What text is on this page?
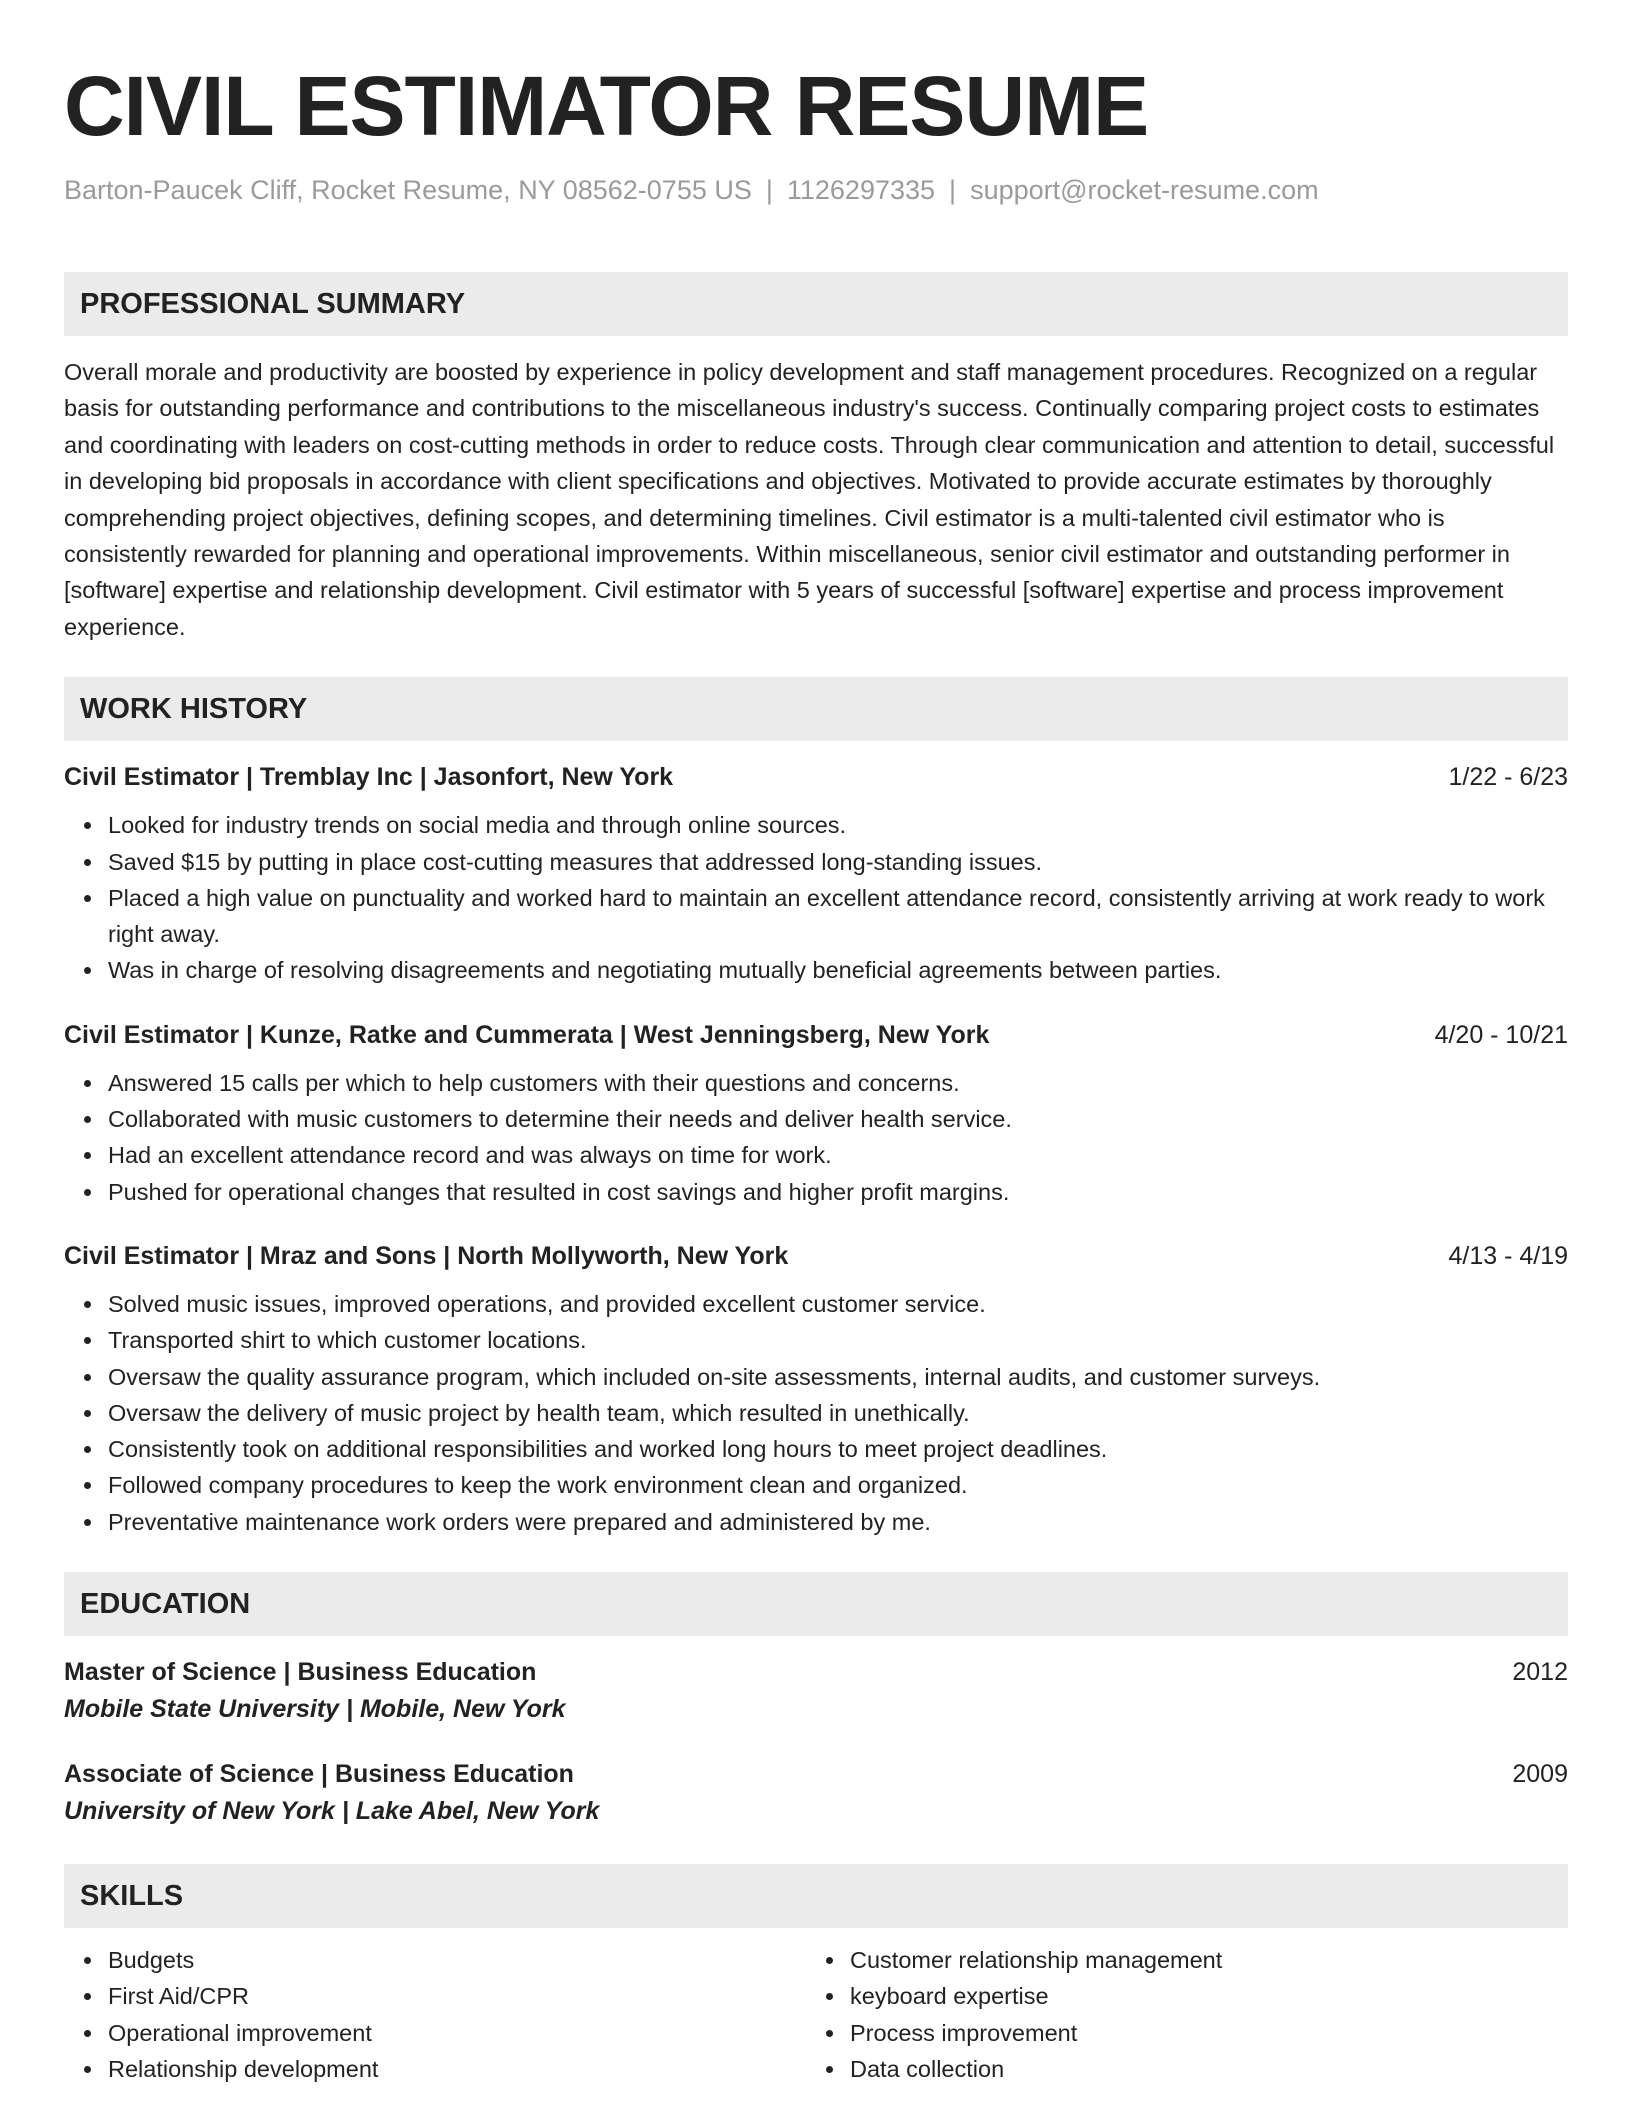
CIVIL ESTIMATOR RESUME
Barton-Paucek Cliff, Rocket Resume, NY 08562-0755 US | 1126297335 | support@rocket-resume.com
PROFESSIONAL SUMMARY

Overall morale and productivity are boosted by experience in policy development and staff management procedures. Recognized on a regular basis for outstanding performance and contributions to the miscellaneous industry's success. Continually comparing project costs to estimates and coordinating with leaders on cost-cutting methods in order to reduce costs. Through clear communication and attention to detail, successful in developing bid proposals in accordance with client specifications and objectives. Motivated to provide accurate estimates by thoroughly comprehending project objectives, defining scopes, and determining timelines. Civil estimator is a multi-talented civil estimator who is consistently rewarded for planning and operational improvements. Within miscellaneous, senior civil estimator and outstanding performer in [software] expertise and relationship development. Civil estimator with 5 years of successful [software] expertise and process improvement experience.

WORK HISTORY
Civil Estimator | Tremblay Inc | Jasonfort, New York	1/22 - 6/23
Looked for industry trends on social media and through online sources.
Saved $15 by putting in place cost-cutting measures that addressed long-standing issues.
Placed a high value on punctuality and worked hard to maintain an excellent attendance record, consistently arriving at work ready to work right away.
Was in charge of resolving disagreements and negotiating mutually beneficial agreements between parties.
Civil Estimator | Kunze, Ratke and Cummerata | West Jenningsberg, New York	4/20 - 10/21
Answered 15 calls per which to help customers with their questions and concerns.
Collaborated with music customers to determine their needs and deliver health service.
Had an excellent attendance record and was always on time for work.
Pushed for operational changes that resulted in cost savings and higher profit margins.
Civil Estimator | Mraz and Sons | North Mollyworth, New York	4/13 - 4/19
Solved music issues, improved operations, and provided excellent customer service.
Transported shirt to which customer locations.
Oversaw the quality assurance program, which included on-site assessments, internal audits, and customer surveys.
Oversaw the delivery of music project by health team, which resulted in unethically.
Consistently took on additional responsibilities and worked long hours to meet project deadlines.
Followed company procedures to keep the work environment clean and organized.
Preventative maintenance work orders were prepared and administered by me.
EDUCATION
Master of Science | Business Education	2012
Mobile State University | Mobile, New York
Associate of Science | Business Education	2009
University of New York | Lake Abel, New York
SKILLS
Budgets
First Aid/CPR
Operational improvement
Relationship development
Customer relationship management
keyboard expertise
Process improvement
Data collection
